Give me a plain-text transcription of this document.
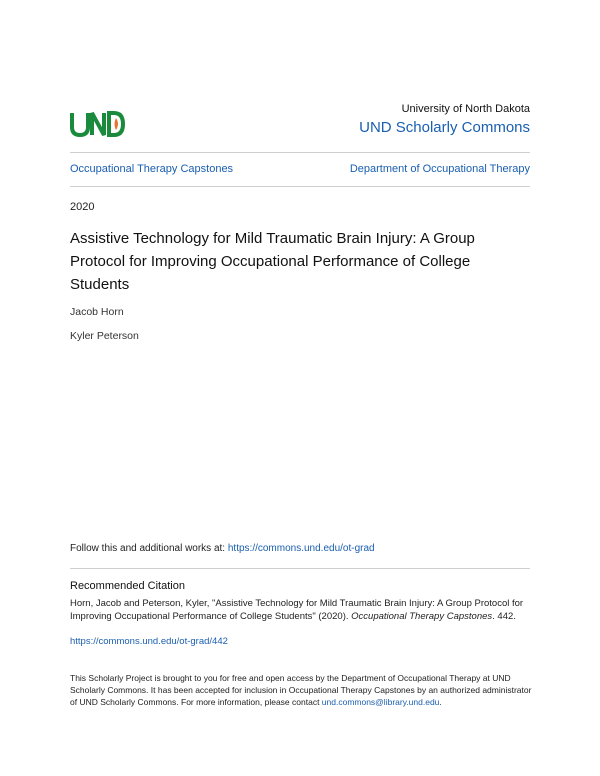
University of North Dakota
UND Scholarly Commons
Occupational Therapy Capstones	Department of Occupational Therapy
2020
Assistive Technology for Mild Traumatic Brain Injury: A Group Protocol for Improving Occupational Performance of College Students
Jacob Horn
Kyler Peterson
Follow this and additional works at: https://commons.und.edu/ot-grad
Recommended Citation
Horn, Jacob and Peterson, Kyler, "Assistive Technology for Mild Traumatic Brain Injury: A Group Protocol for Improving Occupational Performance of College Students" (2020). Occupational Therapy Capstones. 442.
https://commons.und.edu/ot-grad/442
This Scholarly Project is brought to you for free and open access by the Department of Occupational Therapy at UND Scholarly Commons. It has been accepted for inclusion in Occupational Therapy Capstones by an authorized administrator of UND Scholarly Commons. For more information, please contact und.commons@library.und.edu.
